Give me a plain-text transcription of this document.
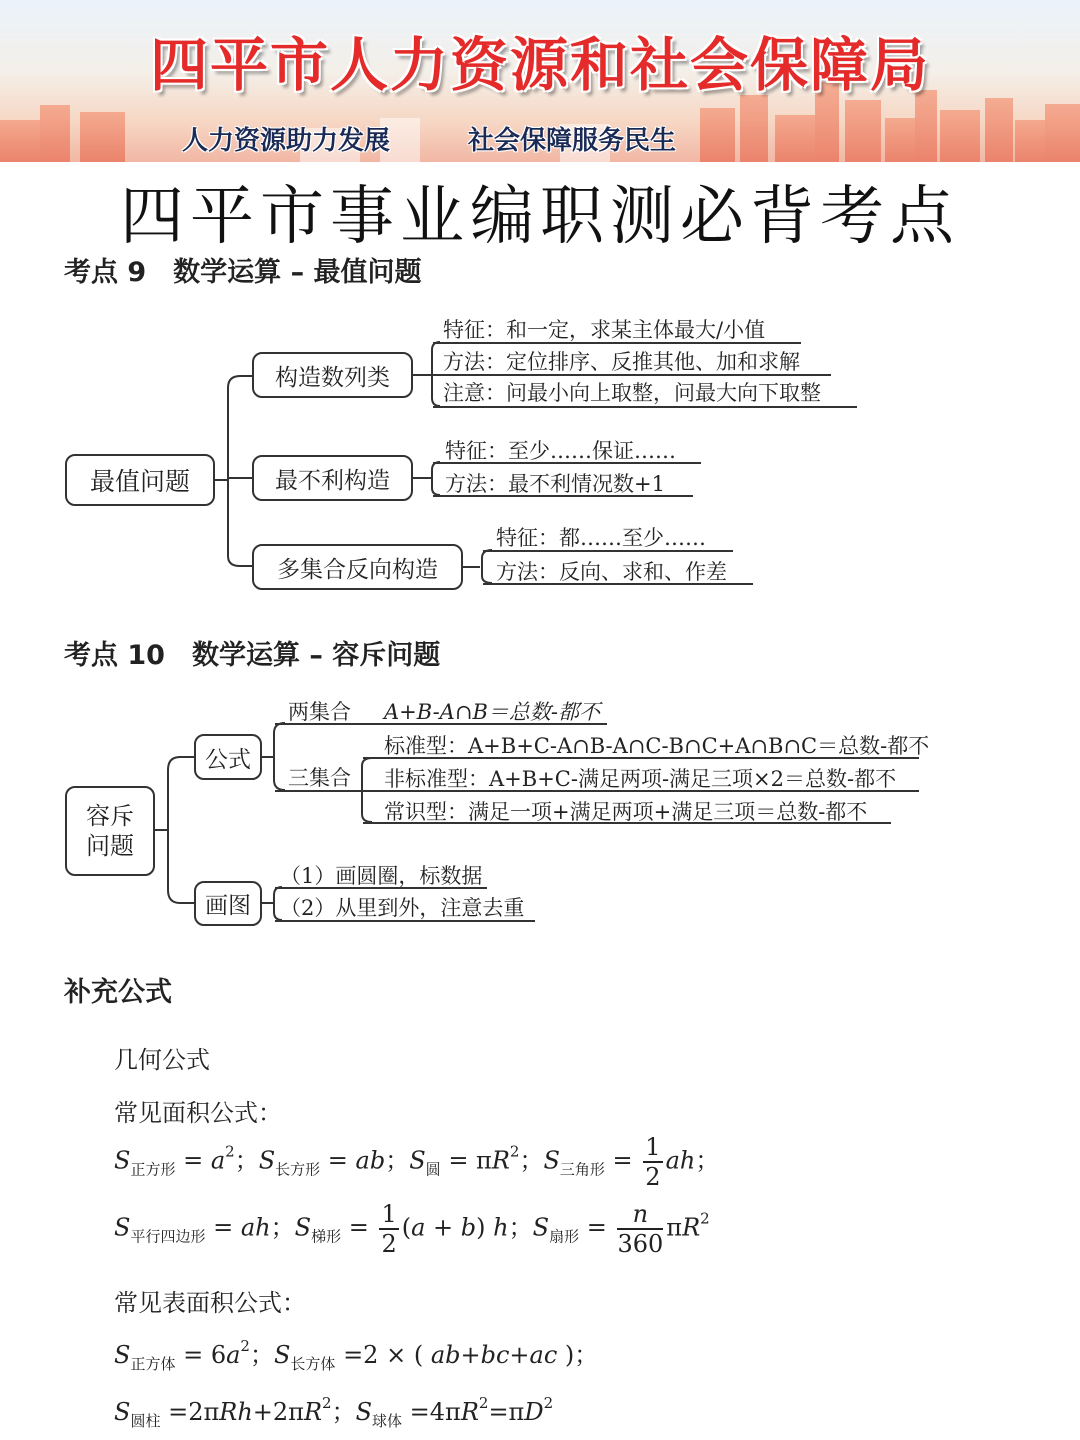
四平市人力资源和社会保障局
人力资源助力发展	社会保障服务民生
四平市事业编职测必背考点
考点 9　数学运算 – 最值问题
最值问题
构造数列类
最不利构造
多集合反向构造
特征：和一定，求某主体最大/小值
方法：定位排序、反推其他、加和求解
注意：问最小向上取整，问最大向下取整
特征：至少……保证……
方法：最不利情况数+1
特征：都……至少……
方法：反向、求和、作差
考点 10　数学运算 – 容斥问题
容斥
问题
公式
画图
两集合 A+B-A∩B＝总数-都不
三集合
标准型：A+B+C-A∩B-A∩C-B∩C+A∩B∩C＝总数-都不
非标准型：A+B+C-满足两项-满足三项×2＝总数-都不
常识型：满足一项+满足两项+满足三项＝总数-都不
（1）画圆圈，标数据
（2）从里到外，注意去重
补充公式
几何公式
常见面积公式：
$S_{正方形} = a^2$；$S_{长方形}$ = ab；$S_圆 = \pi R^2$；$S_{三角形} = \frac{1}{2}$ ah；
$S_{平行四边形}$ = ah；$S_{梯形} = \frac{1}{2} (a + b)$ h；$S_{扇形} = \frac{n}{360} \pi R^2$
常见表面积公式：
$S_{正方体} = 6a^2$；$S_{长方体} =2$ × ( ab+bc+ac )；
$S_{圆柱} =2\pi Rh+2\pi R^2$；$S_{球体} =4\pi R^2=\pi D^2$
